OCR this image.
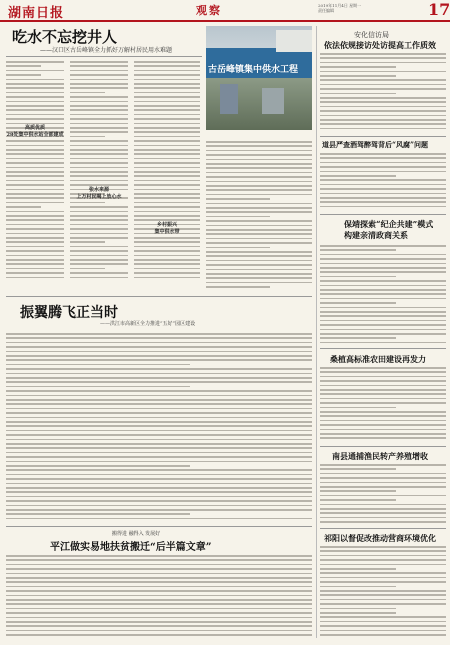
湖南日报	观察	2019年11月4日 星期一
责任编辑	17
吃水不忘挖井人
——汉口区古岳峰镇全力抓好万解村居民用水难题
高质优质
28处集中供水站全部建成
张水来源
上万村民喝上放心水
乡村振兴
集中供水带
古岳峰镇集中供水工程
振翼腾飞正当时
——洪江市高新区全力推进“五好”园区建设
搬得进 融得入 发展好
平江做实易地扶贫搬迁“后半篇文章”
安化信访局
依法依规接访处访提高工作质效
道县严查酒驾醉驾背后“风腐”问题
保靖探索“纪企共建”模式
构建亲清政商关系
桑植高标准农田建设再发力
南县通捕渔民转产养殖增收
祁阳以督促改推动营商环境优化
